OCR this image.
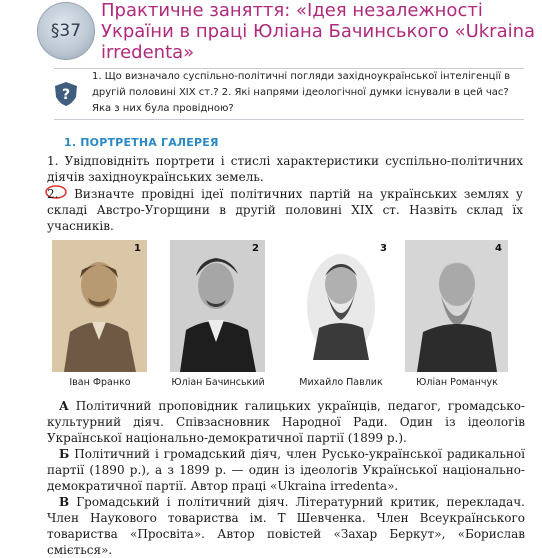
§37
Практичне заняття: «Ідея незалежності України в праці Юліана Бачинського «Ukraina irredenta»
?
1. Що визначало суспільно-політичні погляди західноукраїнської інтелігенції в другій половині XIX ст.? 2. Які напрями ідеологічної думки існували в цей час? Яка з них була провідною?
1. ПОРТРЕТНА ГАЛЕРЕЯ
1. Увідповідніть портрети і стислі характеристики суспільно-політичних діячів західноукраїнських земель.
2. Визначте провідні ідеї політичних партій на українських землях у складі Австро-Угорщини в другій половині XIX ст. Назвіть склад їх учасників.
1	2	3	4
Іван Франко	Юліан Бачинський	Михайло Павлик	Юліан Романчук

А Політичний проповідник галицьких українців, педагог, громадсько-культурний діяч. Співзасновник Народної Ради. Один із ідеологів Української національно-демократичної партії (1899 р.).

Б Політичний і громадський діяч, член Русько-української радикальної партії (1890 р.), а з 1899 р. — один із ідеологів Української національно-демократичної партії. Автор праці «Ukraina irredenta».

В Громадський і політичний діяч. Літературний критик, перекладач. Член Наукового товариства ім. Т Шевченка. Член Всеукраїнського товариства «Просвіта». Автор повістей «Захар Беркут», «Борислав сміється».
